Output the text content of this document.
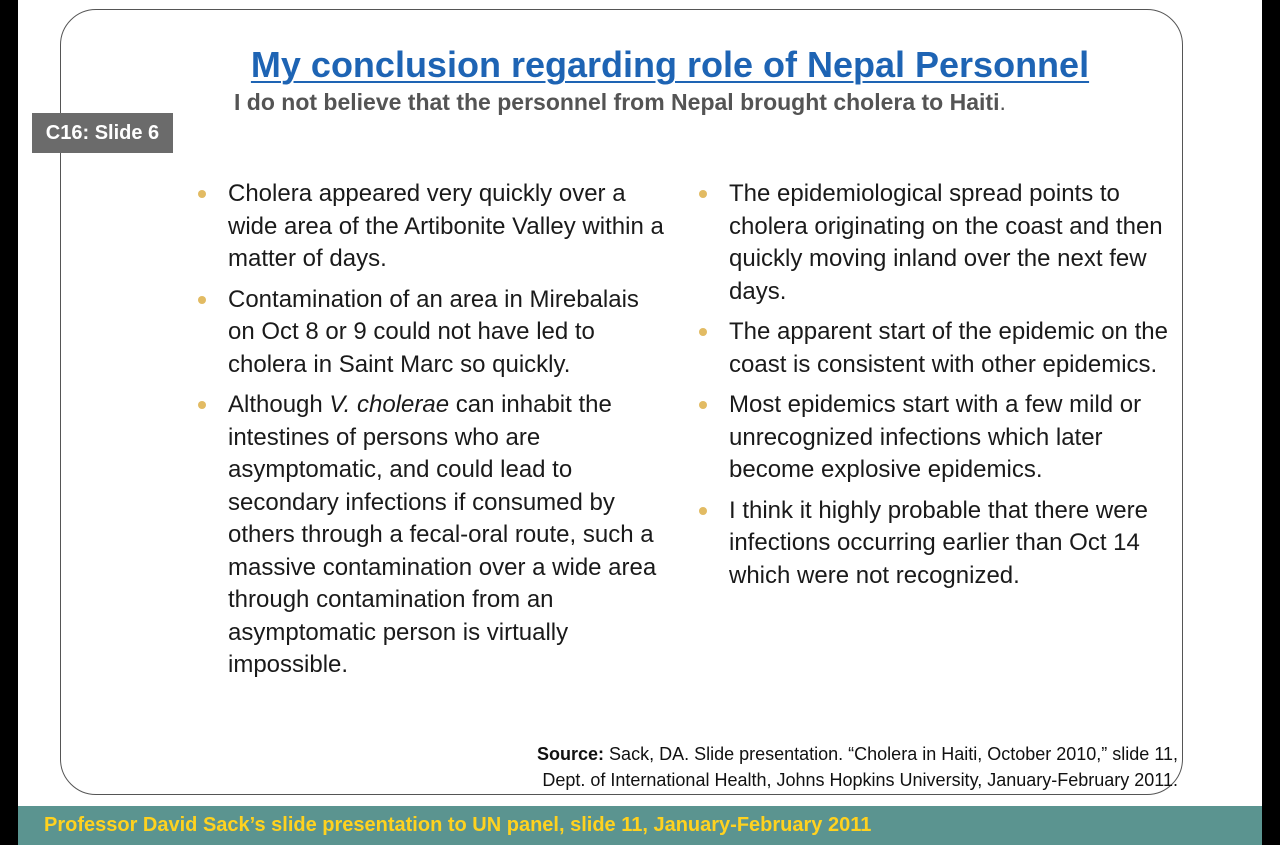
My conclusion regarding role of Nepal Personnel
I do not believe that the personnel from Nepal brought cholera to Haiti.
C16: Slide 6
Cholera appeared very quickly over a wide area of the Artibonite Valley within a matter of days.
Contamination of an area in Mirebalais on Oct 8 or 9 could not have led to cholera in Saint Marc so quickly.
Although V. cholerae can inhabit the intestines of persons who are asymptomatic, and could lead to secondary infections if consumed by others through a fecal-oral route, such a massive contamination over a wide area through contamination from an asymptomatic person is virtually impossible.
The epidemiological spread points to cholera originating on the coast and then quickly moving inland over the next few days.
The apparent start of the epidemic on the coast is consistent with other epidemics.
Most epidemics start with a few mild or unrecognized infections which later become explosive epidemics.
I think it highly probable that there were infections occurring earlier than Oct 14 which were not recognized.
Source: Sack, DA. Slide presentation. “Cholera in Haiti, October 2010,” slide 11,
Dept. of International Health, Johns Hopkins University, January-February 2011.
Professor David Sack’s slide presentation to UN panel, slide 11, January-February 2011
